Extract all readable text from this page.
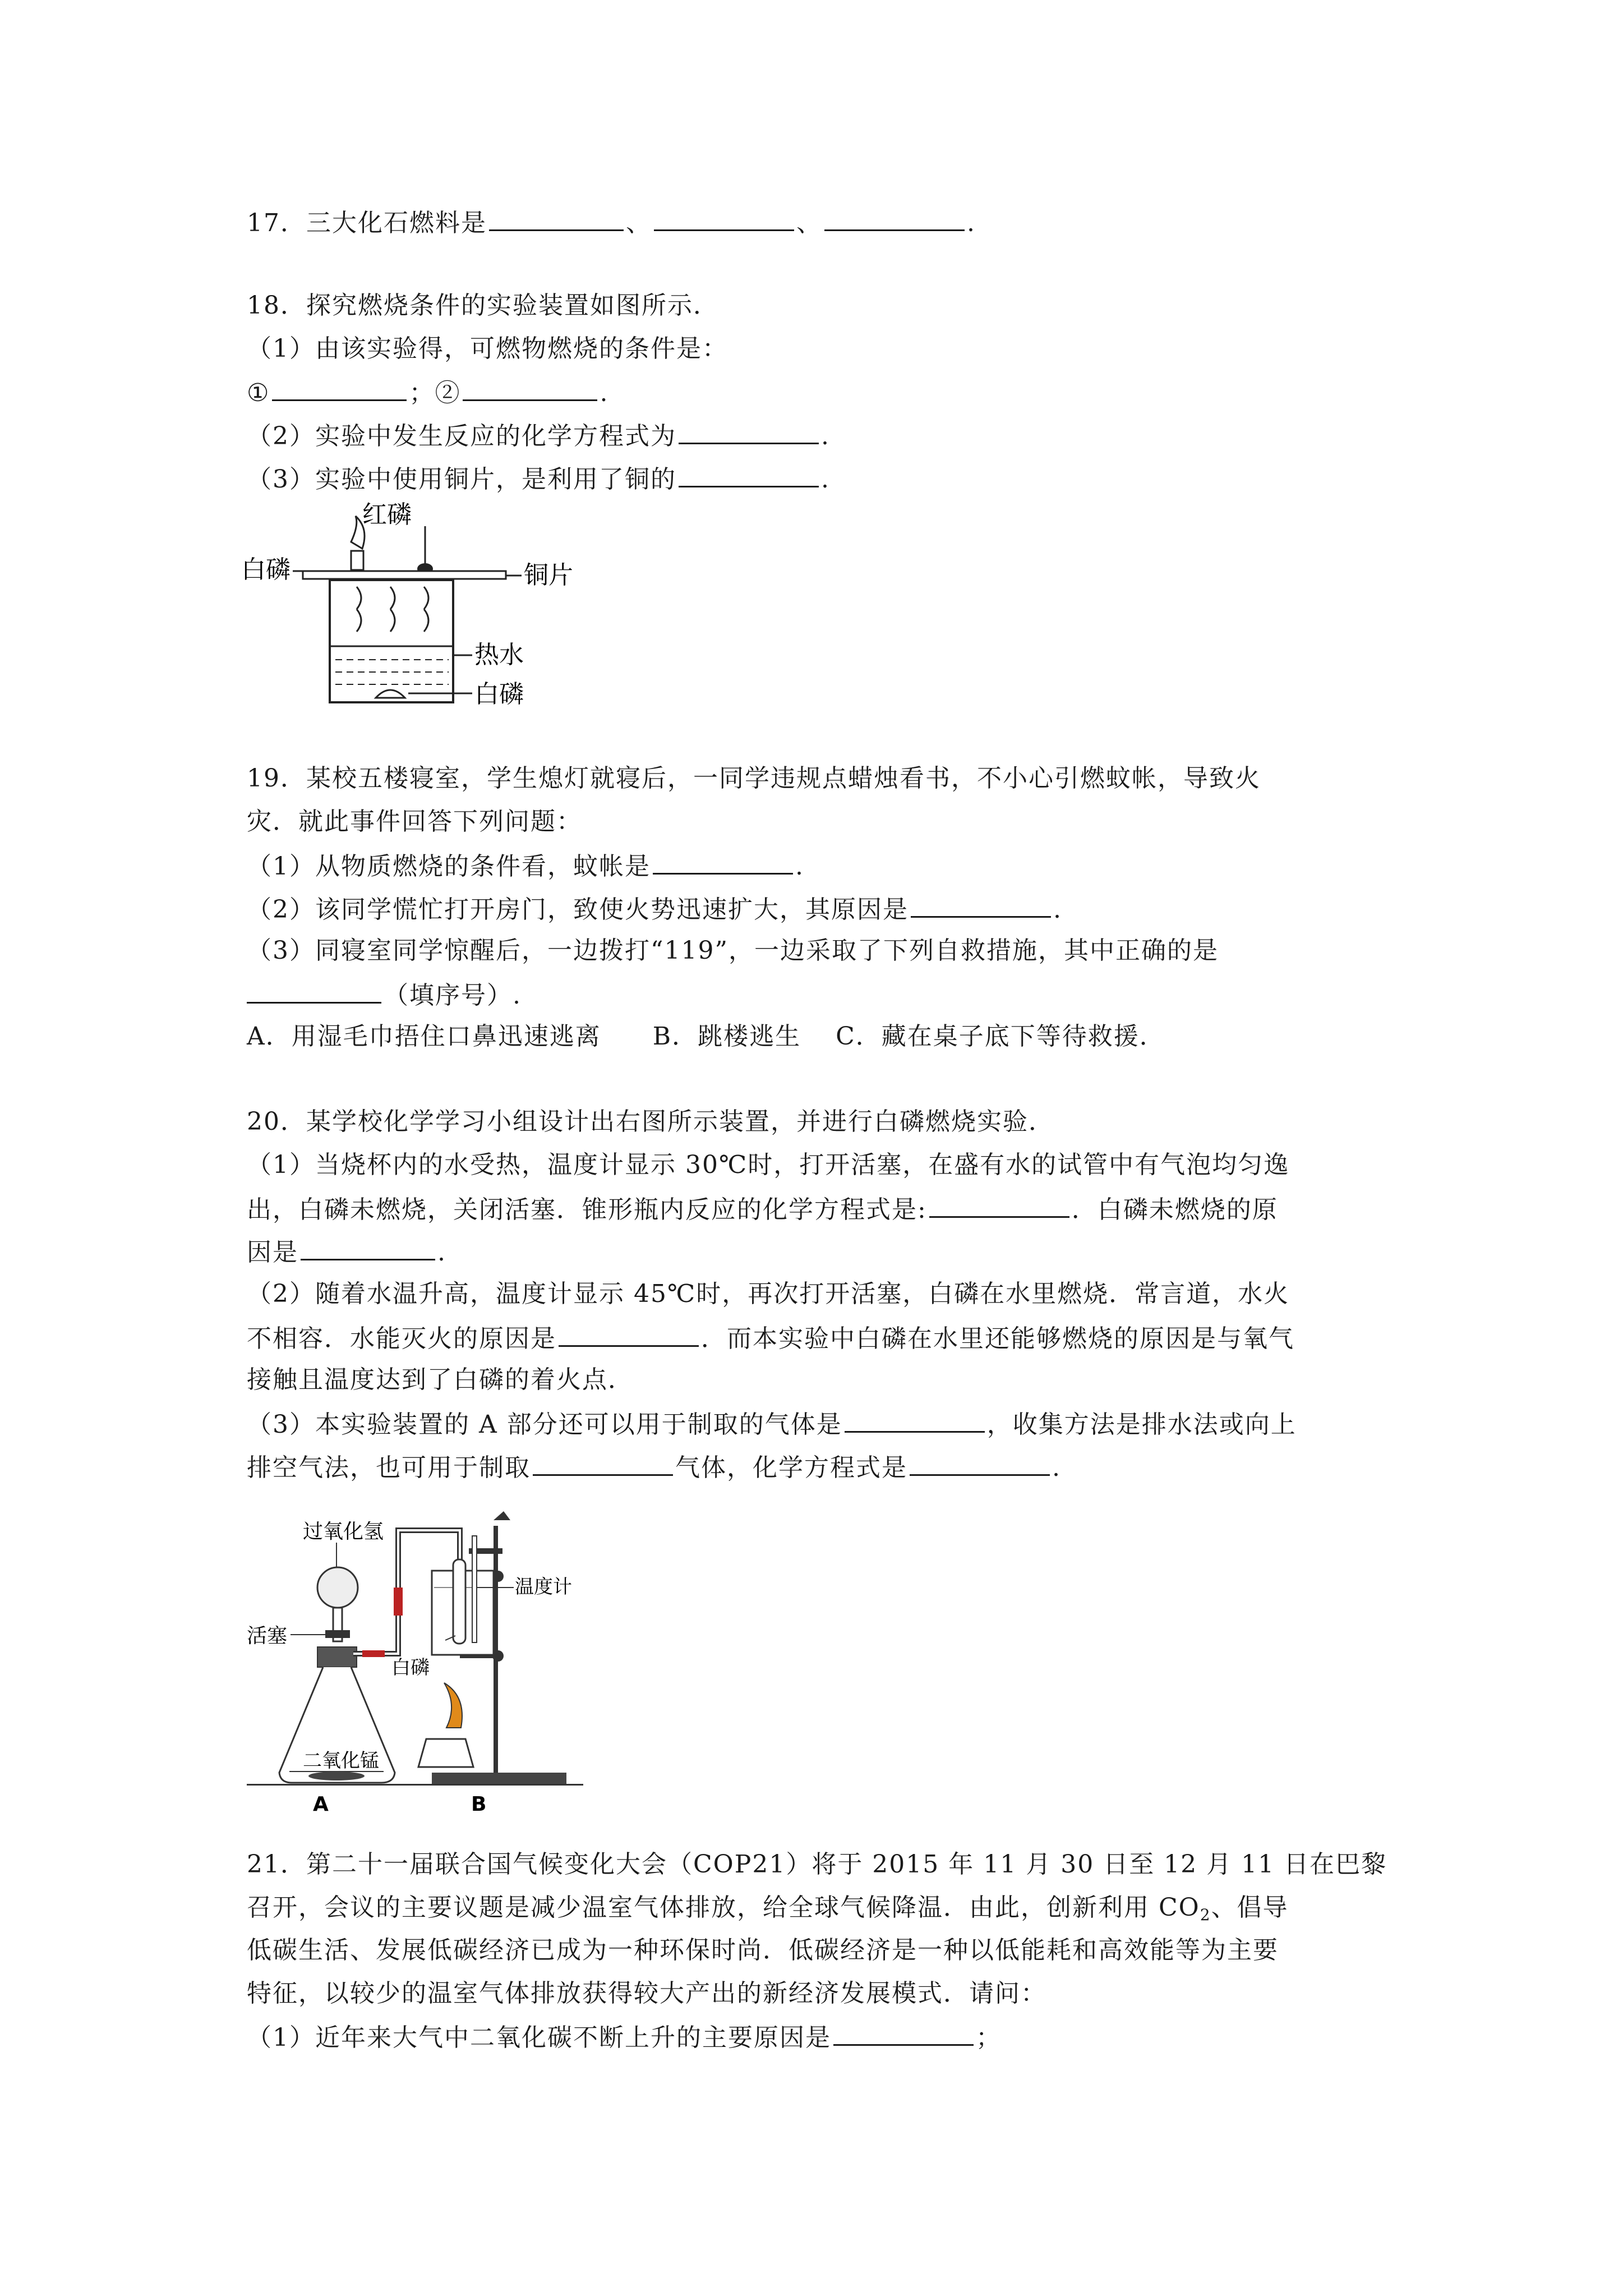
17．三大化石燃料是	、	、	.
18．探究燃烧条件的实验装置如图所示．
（1）由该实验得，可燃物燃烧的条件是：
①	；②	.
（2）实验中发生反应的化学方程式为	.
（3）实验中使用铜片，是利用了铜的	.
红磷
白磷	铜片
热水
白磷
19．某校五楼寝室，学生熄灯就寝后，一同学违规点蜡烛看书，不小心引燃蚊帐，导致火
灾．就此事件回答下列问题：
（1）从物质燃烧的条件看，蚊帐是	.
（2）该同学慌忙打开房门，致使火势迅速扩大，其原因是	.
（3）同寝室同学惊醒后，一边拨打“119”，一边采取了下列自救措施，其中正确的是
（填序号）.
A．用湿毛巾捂住口鼻迅速逃离　　B．跳楼逃生　 C．藏在桌子底下等待救援．
20．某学校化学学习小组设计出右图所示装置，并进行白磷燃烧实验．
（1）当烧杯内的水受热，温度计显示 30℃时，打开活塞，在盛有水的试管中有气泡均匀逸
出，白磷未燃烧，关闭活塞．锥形瓶内反应的化学方程式是:	．白磷未燃烧的原
因是	.
（2）随着水温升高，温度计显示 45℃时，再次打开活塞，白磷在水里燃烧．常言道，水火
不相容．水能灭火的原因是	．而本实验中白磷在水里还能够燃烧的原因是与氧气
接触且温度达到了白磷的着火点．
（3）本实验装置的 A 部分还可以用于制取的气体是	，收集方法是排水法或向上
排空气法，也可用于制取	气体，化学方程式是	.
过氧化氢
活塞
二氧化锰
A
温度计
白磷
B
21．第二十一届联合国气候变化大会（COP21）将于 2015 年 11 月 30 日至 12 月 11 日在巴黎
召开，会议的主要议题是减少温室气体排放，给全球气候降温．由此，创新利用 $CO_2$、倡导
低碳生活、发展低碳经济已成为一种环保时尚．低碳经济是一种以低能耗和高效能等为主要
特征，以较少的温室气体排放获得较大产出的新经济发展模式．请问：
（1）近年来大气中二氧化碳不断上升的主要原因是	；
